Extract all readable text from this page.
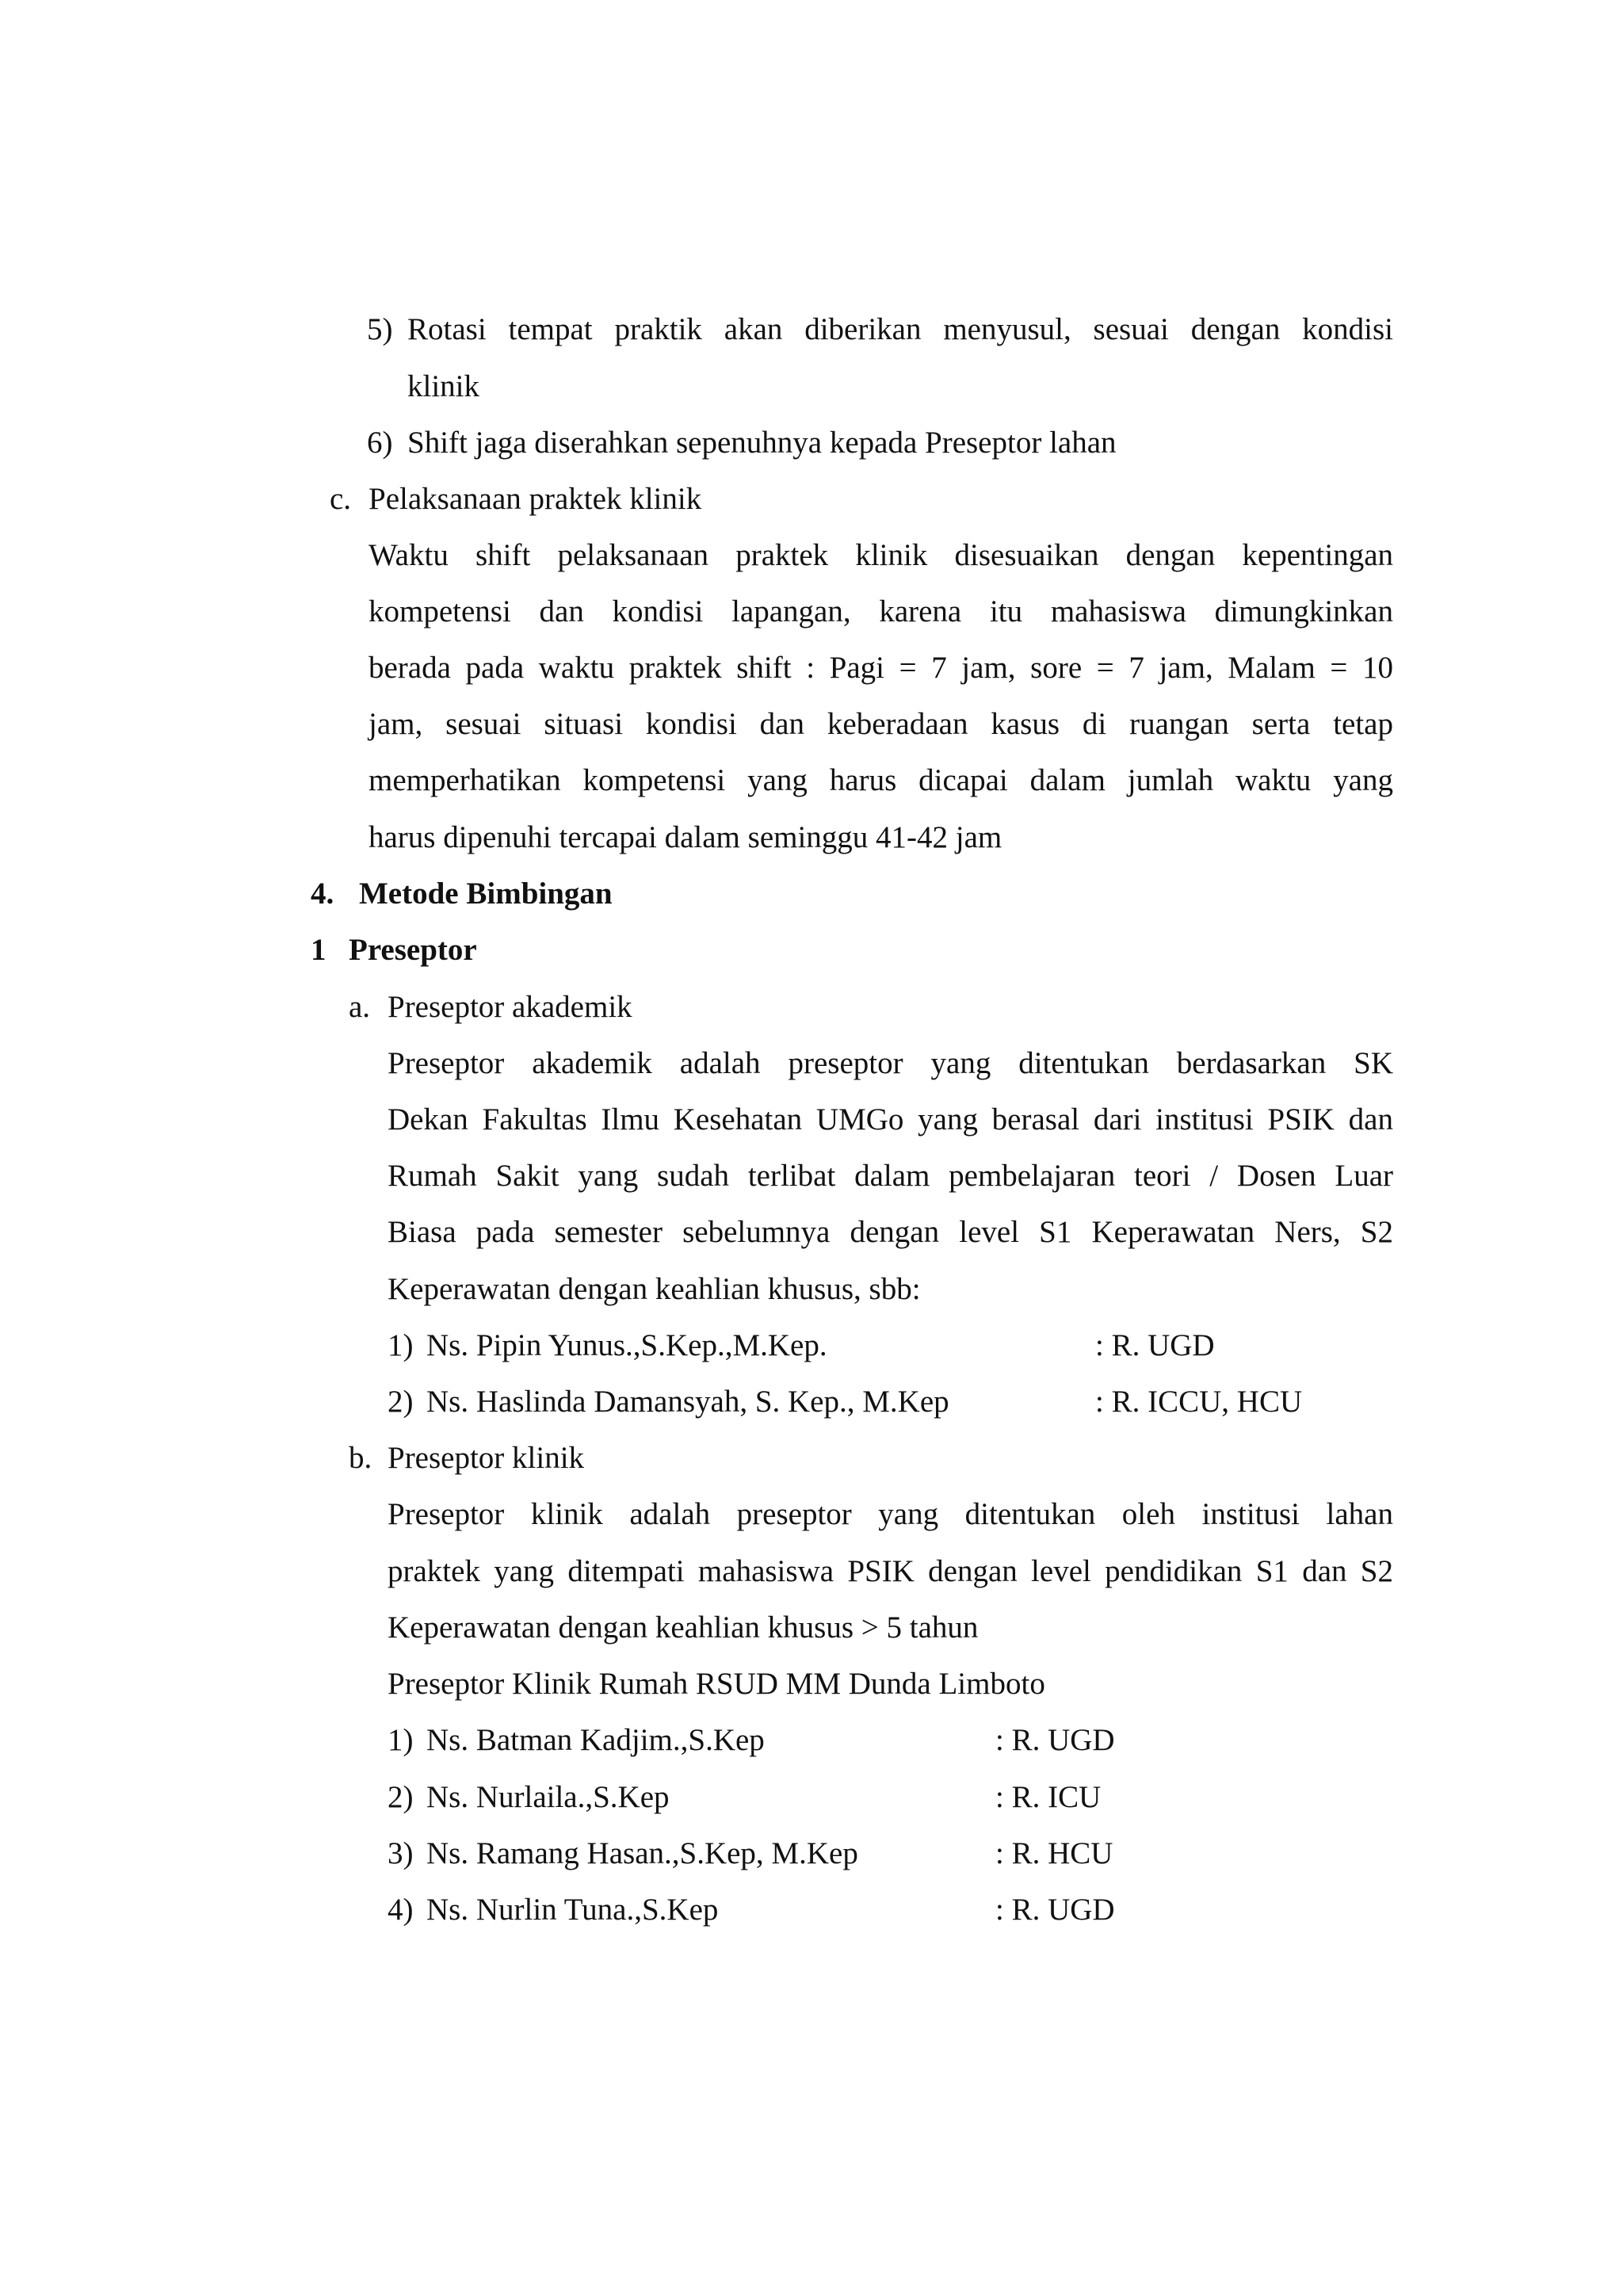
5) Rotasi tempat praktik akan diberikan menyusul, sesuai dengan kondisi
klinik
6) Shift jaga diserahkan sepenuhnya kepada Preseptor lahan
c. Pelaksanaan praktek klinik
Waktu shift pelaksanaan praktek klinik disesuaikan dengan kepentingan
kompetensi dan kondisi lapangan, karena itu mahasiswa dimungkinkan
berada pada waktu praktek shift : Pagi = 7 jam, sore = 7 jam, Malam = 10
jam, sesuai situasi kondisi dan keberadaan kasus di ruangan serta tetap
memperhatikan kompetensi yang harus dicapai dalam jumlah waktu yang
harus dipenuhi tercapai dalam seminggu 41-42 jam
4. Metode Bimbingan
1 Preseptor
a. Preseptor akademik
Preseptor akademik adalah preseptor yang ditentukan berdasarkan SK
Dekan Fakultas Ilmu Kesehatan UMGo yang berasal dari institusi PSIK dan
Rumah Sakit yang sudah terlibat dalam pembelajaran teori / Dosen Luar
Biasa pada semester sebelumnya dengan level S1 Keperawatan Ners, S2
Keperawatan dengan keahlian khusus, sbb:
1) Ns. Pipin Yunus.,S.Kep.,M.Kep.	: R. UGD
2) Ns. Haslinda Damansyah, S. Kep., M.Kep	: R. ICCU, HCU
b. Preseptor klinik
Preseptor klinik adalah preseptor yang ditentukan oleh institusi lahan
praktek yang ditempati mahasiswa PSIK dengan level pendidikan S1 dan S2
Keperawatan dengan keahlian khusus > 5 tahun
Preseptor Klinik Rumah RSUD MM Dunda Limboto
1) Ns. Batman Kadjim.,S.Kep	: R. UGD
2) Ns. Nurlaila.,S.Kep	: R. ICU
3) Ns. Ramang Hasan.,S.Kep, M.Kep	: R. HCU
4) Ns. Nurlin Tuna.,S.Kep	: R. UGD
